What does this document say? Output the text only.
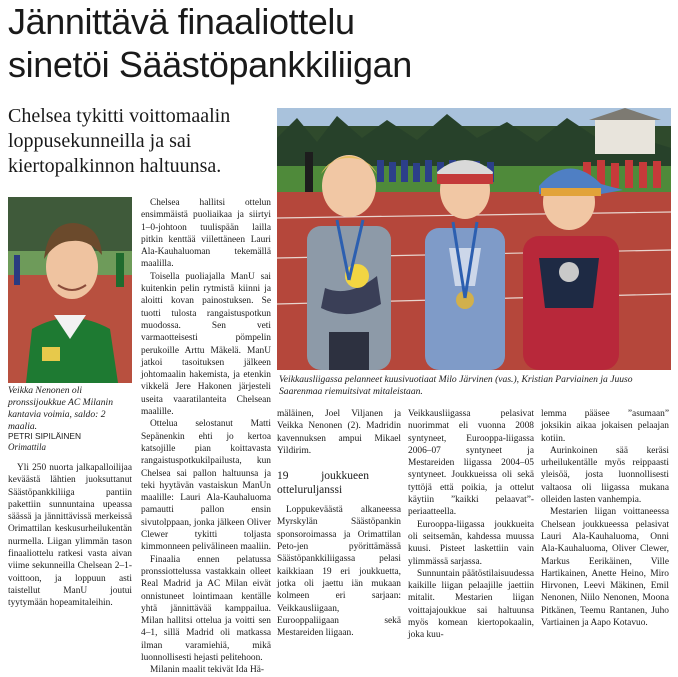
Jännittävä finaaliottelu
sinetöi Säästöpankkiliigan
Chelsea tykitti voittomaalin loppusekunneilla ja sai kiertopalkinnon haltuunsa.
Veikkausliigassa pelanneet kuusivuotiaat Milo Järvinen (vas.), Kristian Parviainen ja Juuso Saarenmaa riemuitsivat mitaleistaan.
Veikka Nenonen oli pronssijoukkue AC Milanin kantavia voimia, saldo: 2 maalia.
PETRI SIPILÄINEN
Orimattila

Yli 250 nuorta jalkapalloilijaa keväästä lähtien juoksuttanut Säästöpankkiliiga pantiin pakettiin sunnuntaina upeassa säässä ja jännittävissä merkeissä Orimattilan keskusurheilukentän nurmella. Liigan ylimmän tason finaaliottelu ratkesi vasta aivan viime sekunneilla Chelsean 2–1-voittoon, ja loppuun asti taistellut ManU joutui tyytymään hopeamitaleihin.

Chelsea hallitsi ottelun ensimmäistä puoliaikaa ja siirtyi 1–0-johtoon tuulispään lailla pitkin kenttää viilettäneen Lauri Ala-Kauhaluoman tekemällä maalilla.

Toisella puoliajalla ManU sai kuitenkin pelin rytmistä kiinni ja aloitti kovan painostuksen. Se tuotti tulosta rangaistuspotkun muodossa. Sen veti varmaotteisesti pömpelin perukoille Arttu Mäkelä. ManU jatkoi tasoituksen jälkeen johtomaalin hakemista, ja etenkin vikkelä Jere Hakonen järjesteli useita vaaratilanteita Chelsean maalille.

Ottelua selostanut Matti Sepänenkin ehti jo kertoa katsojille pian koittavasta rangaistuspotkukilpailusta, kun Chelsea sai pallon haltuunsa ja teki hyytävän vastaiskun ManUn maalille: Lauri Ala-Kauhaluoma pamautti pallon ensin sivutolppaan, jonka jälkeen Oliver Clewer tykitti toljasta kimmonneen pelivälineen maaliin.

Finaalia ennen pelatussa pronssiottelussa vastakkain olleet Real Madrid ja AC Milan eivät onnistuneet lointimaan kentälle yhtä jännittävää kamppailua. Milan hallitsi ottelua ja voitti sen 4–1, sillä Madrid oli matkassa ilman varamiehiä, mikä luonnollisesti hejasti pelitehoon.

Milanin maalit tekivät Ida Hä-

mäläinen, Joel Viljanen ja Veikka Nenonen (2). Madridin kavennuksen ampui Mikael Yildirim.

19 joukkueen otteluruljanssi

Loppukeväästä alkaneessa Myrskylän Säästöpankin sponsoroimassa ja Orimattilan Peto-jen pyörittämässä Säästöpankkiliigassa pelasi kaikkiaan 19 eri joukkuetta, jotka oli jaettu iän mukaan kolmeen eri sarjaan: Veikkausliigaan, Eurooppaliigaan sekä Mestareiden liigaan.

Veikkausliigassa pelasivat nuorimmat eli vuonna 2008 syntyneet, Eurooppa-liigassa 2006–07 syntyneet ja Mestareiden liigassa 2004–05 syntyneet. Joukkueissa oli sekä tyttöjä että poikia, ja ottelut käytiin ”kaikki pelaavat”-periaatteella.

Eurooppa-liigassa joukkueita oli seitsemän, kahdessa muussa kuusi. Pisteet laskettiin vain ylimmässä sarjassa.

Sunnuntain päätöstilaisuudessa kaikille liigan pelaajille jaettiin mitalit. Mestarien liigan voittajajoukkue sai haltuunsa myös komean kiertopokaalin, joka kuu-

lemma pääsee ”asumaan” joksikin aikaa jokaisen pelaajan kotiin.

Aurinkoinen sää keräsi urheilukentälle myös reippaasti yleisöä, josta luonnollisesti valtaosa oli liigassa mukana olleiden lasten vanhempia.

Mestarien liigan voittaneessa Chelsean joukkueessa pelasivat Lauri Ala-Kauhaluoma, Onni Ala-Kauhaluoma, Oliver Clewer, Markus Eerikäinen, Ville Hartikainen, Anette Heino, Miro Hirvonen, Leevi Mäkinen, Emil Nenonen, Niilo Nenonen, Moona Pitkänen, Teemu Rantanen, Juho Vartiainen ja Aapo Kotavuo.
